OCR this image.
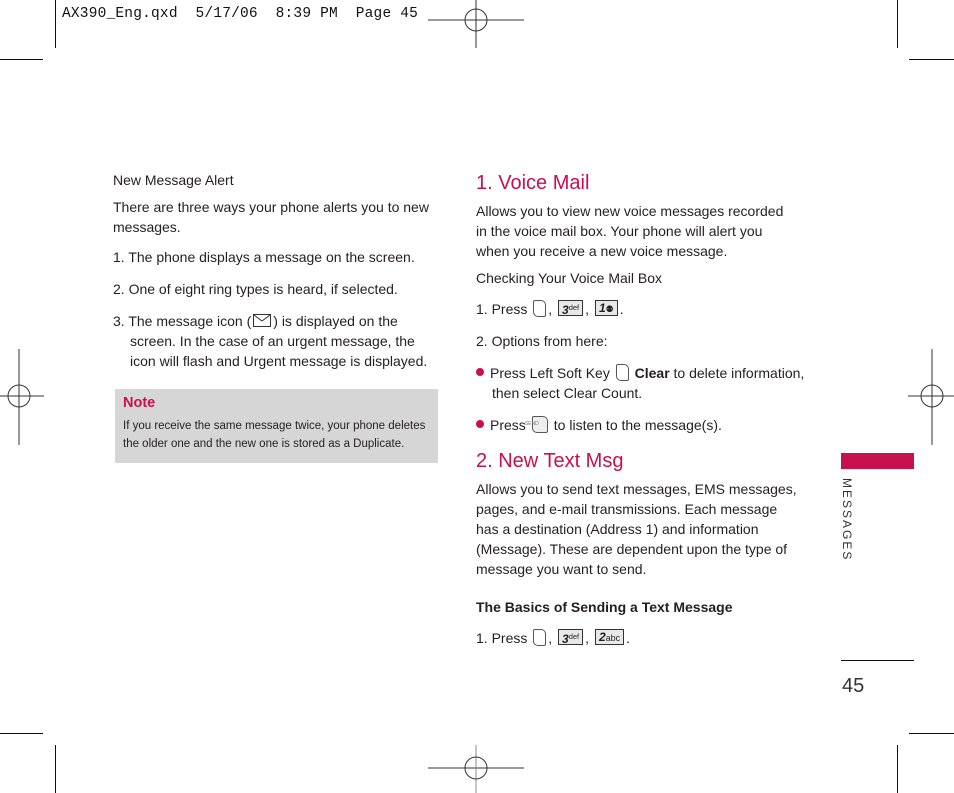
AX390_Eng.qxd  5/17/06  8:39 PM  Page 45
New Message Alert
There are three ways your phone alerts you to new messages.
1. The phone displays a message on the screen.
2. One of eight ring types is heard, if selected.
3. The message icon ( ) is displayed on the screen. In the case of an urgent message, the icon will flash and Urgent message is displayed.
Note
If you receive the same message twice, your phone deletes the older one and the new one is stored as a Duplicate.
1. Voice Mail
Allows you to view new voice messages recorded in the voice mail box. Your phone will alert you when you receive a new voice message.
Checking Your Voice Mail Box
1. Press , $3^{def}$ , 1⚉ .
2. Options from here:
Press Left Soft Key Clear to delete information, then select Clear Count.
PressSEND to listen to the message(s).
2. New Text Msg
Allows you to send text messages, EMS messages, pages, and e-mail transmissions. Each message has a destination (Address 1) and information (Message). These are dependent upon the type of message you want to send.
The Basics of Sending a Text Message
1. Press , $3^{def}$ , 2abc .
MESSAGES
45
